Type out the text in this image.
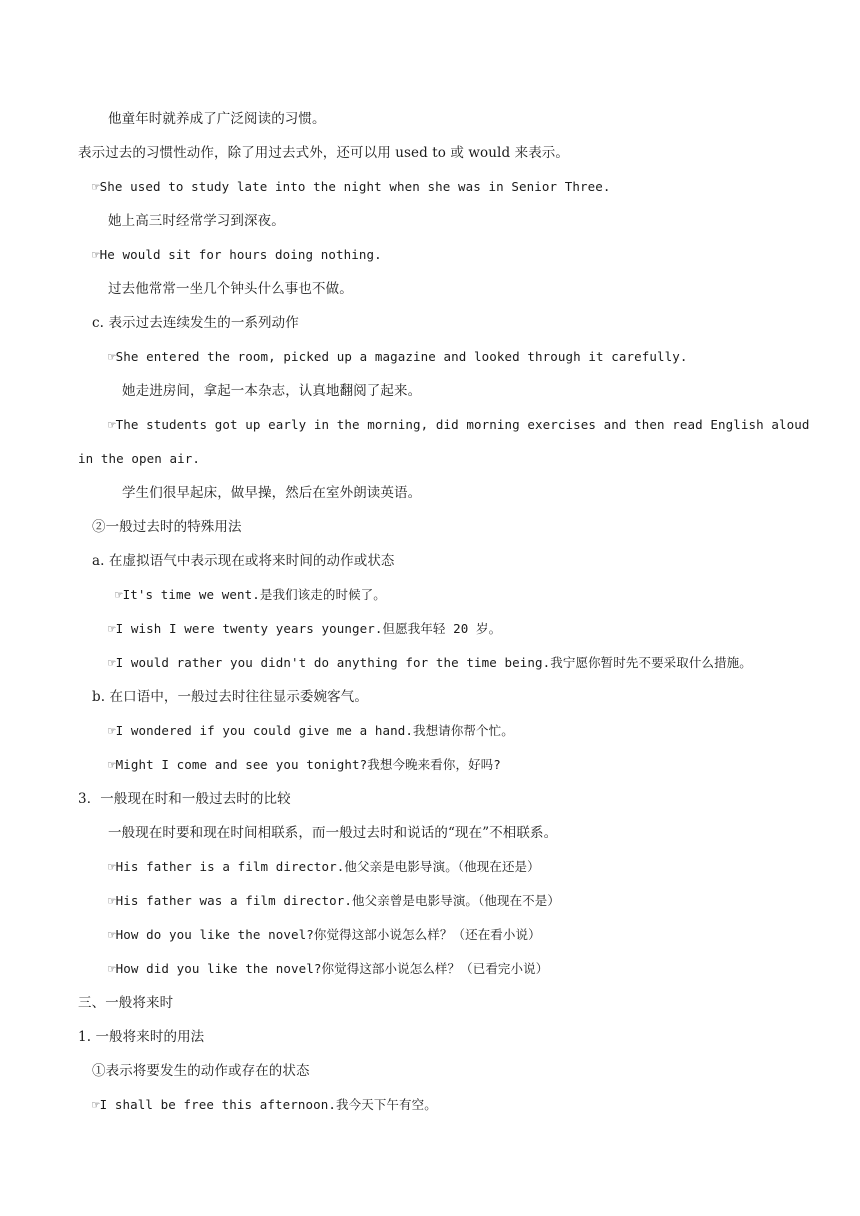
他童年时就养成了广泛阅读的习惯。
表示过去的习惯性动作，除了用过去式外，还可以用 used to 或 would 来表示。
☞She used to study late into the night when she was in Senior Three.
她上高三时经常学习到深夜。
☞He would sit for hours doing nothing.
过去他常常一坐几个钟头什么事也不做。
c. 表示过去连续发生的一系列动作
☞She entered the room, picked up a magazine and looked through it carefully.
她走进房间，拿起一本杂志，认真地翻阅了起来。
☞The students got up early in the morning, did morning exercises and then read English aloud
in the open air.
学生们很早起床，做早操，然后在室外朗读英语。
②一般过去时的特殊用法
a. 在虚拟语气中表示现在或将来时间的动作或状态
☞It's time we went.是我们该走的时候了。
☞I wish I were twenty years younger.但愿我年轻 20 岁。
☞I would rather you didn't do anything for the time being.我宁愿你暂时先不要采取什么措施。
b. 在口语中，一般过去时往往显示委婉客气。
☞I wondered if you could give me a hand.我想请你帮个忙。
☞Might I come and see you tonight?我想今晚来看你，好吗?
3．一般现在时和一般过去时的比较
一般现在时要和现在时间相联系，而一般过去时和说话的“现在”不相联系。
☞His father is a film director.他父亲是电影导演。（他现在还是）
☞His father was a film director.他父亲曾是电影导演。（他现在不是）
☞How do you like the novel?你觉得这部小说怎么样？（还在看小说）
☞How did you like the novel?你觉得这部小说怎么样？（已看完小说）
三、一般将来时
1. 一般将来时的用法
①表示将要发生的动作或存在的状态
☞I shall be free this afternoon.我今天下午有空。
